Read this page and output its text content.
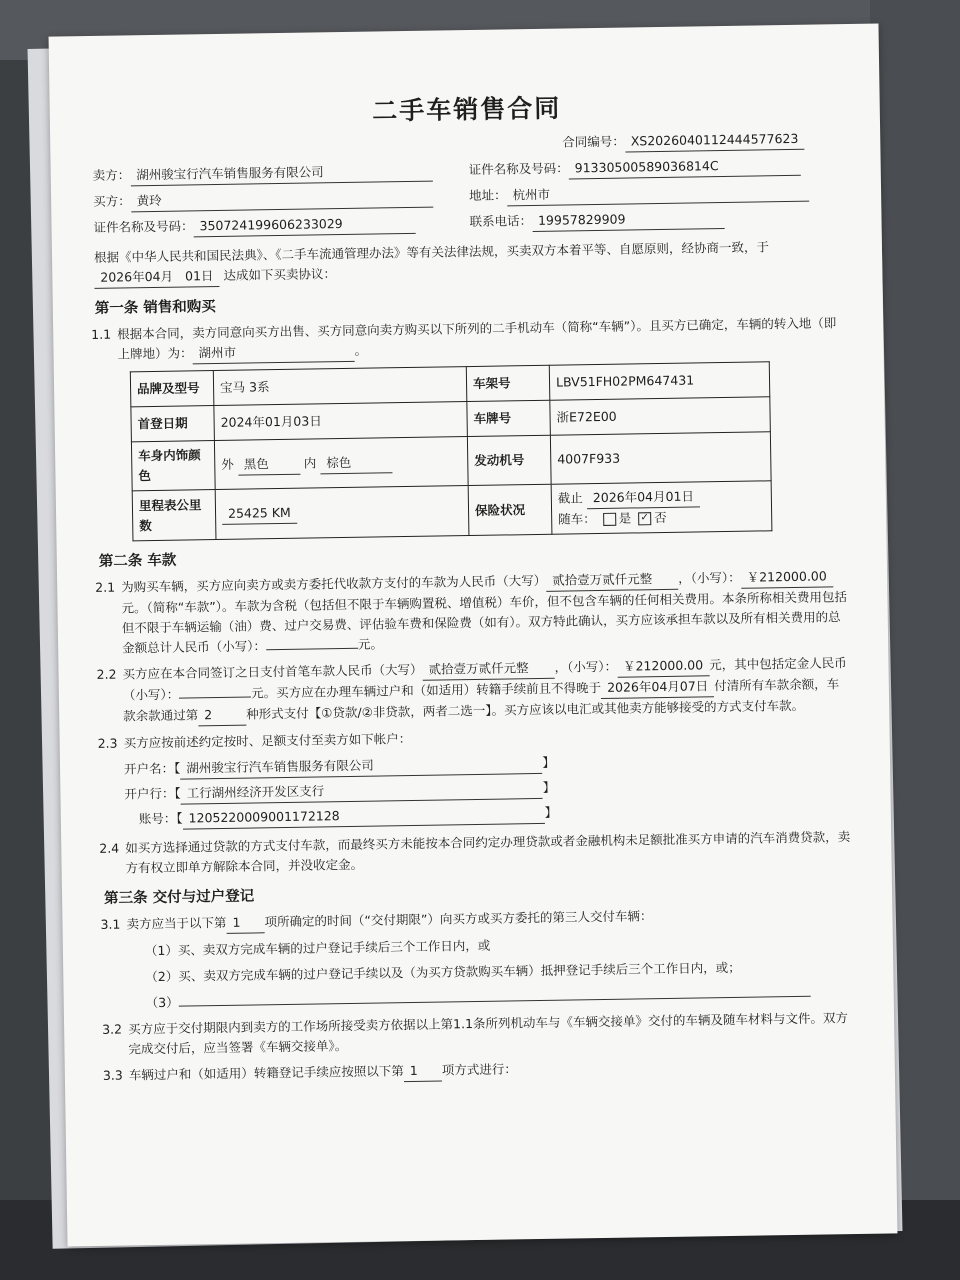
二手车销售合同
合同编号： XS2026040112444577623
卖方： 湖州骏宝行汽车销售服务有限公司	证件名称及号码： 91330500589036814C
买方： 黄玲	地址： 杭州市
证件名称及号码： 350724199606233029	联系电话： 19957829909
根据《中华人民共和国民法典》、《二手车流通管理办法》等有关法律法规，买卖双方本着平等、自愿原则，经协商一致，于 2026年04月 01日 达成如下买卖协议：
第一条 销售和购买
1.1 根据本合同，卖方同意向买方出售、买方同意向卖方购买以下所列的二手机动车（简称“车辆”）。且买方已确定，车辆的转入地（即上牌地）为： 湖州市	。
品牌及型号	宝马 3系	车架号	LBV51FH02PM647431
首登日期	2024年01月03日	车牌号	浙E72E00
车身内饰颜色	外 黑色 内 棕色	发动机号	4007F933
里程表公里数	25425 KM	保险状况	截止 2026年04月01日
随车： 是 ✓ 否
第二条 车款
2.1 为购买车辆，买方应向卖方或卖方委托代收款方支付的车款为人民币（大写） 贰拾壹万贰仟元整 ，（小写）： ￥212000.00元。（简称“车款”）。车款为含税（包括但不限于车辆购置税、增值税）车价，但不包含车辆的任何相关费用。本条所称相关费用包括但不限于车辆运输（油）费、过户交易费、评估验车费和保险费（如有）。双方特此确认，买方应该承担车款以及所有相关费用的总金额总计人民币（小写）：	元。
2.2 买方应在本合同签订之日支付首笔车款人民币（大写） 贰拾壹万贰仟元整 ，（小写）： ￥212000.00 元，其中包括定金人民币（小写）：	元。买方应在办理车辆过户和（如适用）转籍手续前且不得晚于 2026年04月07日 付清所有车款余额，车款余款通过第 2	种形式支付【①贷款/②非贷款，两者二选一】。买方应该以电汇或其他卖方能够接受的方式支付车款。
2.3 买方应按前述约定按时、足额支付至卖方如下帐户：
开户名：【 湖州骏宝行汽车销售服务有限公司	】
开户行：【 工行湖州经济开发区支行	】
账号：【 1205220009001172128	】
2.4 如买方选择通过贷款的方式支付车款，而最终买方未能按本合同约定办理贷款或者金融机构未足额批准买方申请的汽车消费贷款，卖方有权立即单方解除本合同，并没收定金。
第三条 交付与过户登记
3.1 卖方应当于以下第 1 项所确定的时间（“交付期限”）向买方或买方委托的第三人交付车辆：
（1）买、卖双方完成车辆的过户登记手续后三个工作日内，或
（2）买、卖双方完成车辆的过户登记手续以及（为买方贷款购买车辆）抵押登记手续后三个工作日内，或；
（3）
3.2 买方应于交付期限内到卖方的工作场所接受卖方依据以上第1.1条所列机动车与《车辆交接单》交付的车辆及随车材料与文件。双方完成交付后，应当签署《车辆交接单》。
3.3 车辆过户和（如适用）转籍登记手续应按照以下第 1 项方式进行：
